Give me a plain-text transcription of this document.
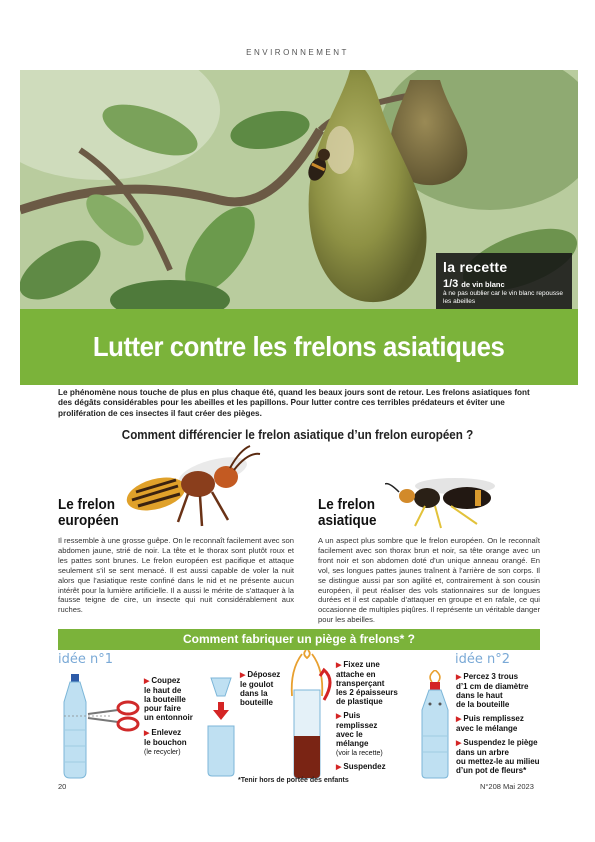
ENVIRONNEMENT
la recette
1/3 de vin blanc
à ne pas oublier car le vin blanc repousse les abeilles
Lutter contre les frelons asiatiques
Le phénomène nous touche de plus en plus chaque été, quand les beaux jours sont de retour. Les frelons asiatiques font des dégâts considérables pour les abeilles et les papillons. Pour lutter contre ces terribles prédateurs et éviter une prolifération de ces insectes il faut créer des pièges.
Comment différencier le frelon asiatique d’un frelon européen ?
Le frelon
européen
Il ressemble à une grosse guêpe. On le reconnaît facilement avec son abdomen jaune, strié de noir. La tête et le thorax sont plutôt roux et les pattes sont brunes. Le frelon européen est pacifique et attaque seulement s’il se sent menacé. Il est aussi capable de voler la nuit alors que l’asiatique reste confiné dans le nid et ne présente aucun intérêt pour la lumière artificielle. Il a aussi le mérite de s’attaquer à la fausse teigne de cire, un insecte qui nuit considérablement aux ruches.
Le frelon
asiatique
A un aspect plus sombre que le frelon européen. On le reconnaît facilement avec son thorax brun et noir, sa tête orange avec un front noir et son abdomen doté d’un unique anneau orangé. En vol, ses longues pattes jaunes traînent à l’arrière de son corps. Il se distingue aussi par son agilité et, contrairement à son cousin européen, il peut réaliser des vols stationnaires sur de longues durées et il est capable d’attaquer en groupe et en rafale, ce qui occasionne de multiples piqûres. Il représente un véritable danger pour les abeilles.
Comment fabriquer un piège à frelons* ?
idée n°1	idée n°2
▶ Coupez
le haut de
la bouteille
pour faire
un entonnoir
▶ Enlevez
le bouchon
(le recycler)
▶ Déposez
le goulot
dans la
bouteille
▶ Fixez une
attache en
transperçant
les 2 épaisseurs
de plastique
▶ Puis
remplissez
avec le
mélange
(voir la recette)
▶ Suspendez
▶ Percez 3 trous
d’1 cm de diamètre
dans le haut
de la bouteille
▶ Puis remplissez
avec le mélange
▶ Suspendez le piège
dans un arbre
ou mettez-le au milieu
d’un pot de fleurs*
*Tenir hors de portée des enfants
20	N°208 Mai 2023
